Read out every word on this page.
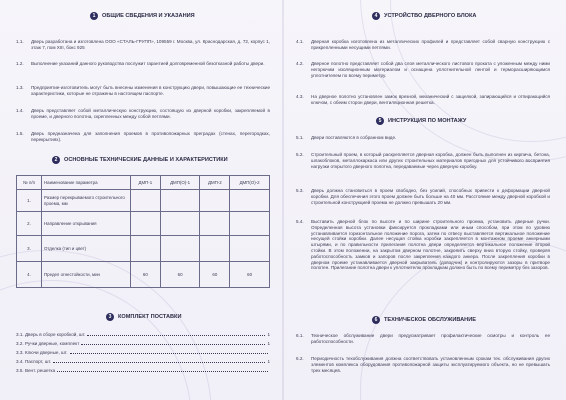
1	ОБЩИЕ СВЕДЕНИЯ И УКАЗАНИЯ
1.1.	Дверь разработана и изготовлена ООО «СТАЛЬ-ГРУПП», 109559 г. Москва, ул. Краснодарская, д. 72, корпус 1, этаж 7, пом XIII, бокс 925
1.2.	Выполнение указаний данного руководства послужит гарантией долговременной безотказной работы двери.
1.3.	Предприятие-изготовитель могут быть внесены изменения в конструкцию двери, повышающие ее технические характеристики, которые не отражены в настоящем паспорте.
1.4.	Дверь представляет собой металлическую конструкцию, состоящую из дверной коробки, закрепляемой в проеме, и дверного полотна, скрепленных между собой петлями.
1.5.	Дверь предназначена для заполнения проемов в противопожарных преградах (стенах, перегородках, перекрытиях).
2	ОСНОВНЫЕ ТЕХНИЧЕСКИЕ ДАННЫЕ И ХАРАКТЕРИСТИКИ
№ п/п	Наименование параметра	ДМП-1	ДМП(О)-1	ДМП-2	ДМП(О)-2
1.	Размер перекрываемого строительного проема, мм				
2.	Направление открывания				
3.	Отделка (тип и цвет)				
4.	Предел огнестойкости, мин	60	60	60	60
3	КОМПЛЕКТ ПОСТАВКИ
3.1. Дверь в сборе коробкой, шт.	1
3.2. Ручки дверные, комплект	1
3.3. Ключи дверные, шт.
3.4. Паспорт, шт.	1
3.5. Вент. решетка
4	УСТРОЙСТВО ДВЕРНОГО БЛОКА
4.1.	Дверная коробка изготовлена из металлических профилей и представляет собой сварную конструкцию с прикрепленными несущими петлями.
4.2.	Дверное полотно представляет собой два слоя металлического листового проката с уложенным между ними негорючим изоляционным материалом и оснащена уплотнительной лентой и терморасширяющимся уплотнителем по всему периметру.
4.3.	На дверное полотно установлен замок врезной, механический с защелкой, запирающийся и отпирающийся ключом, с обеим сторон двери, вентиляционная решетка.
5	ИНСТРУКЦИЯ ПО МОНТАЖУ
5.1.	Двери поставляются в собранном виде.
5.2.	Строительный проем, в который раскрепляется дверная коробка, должен быть выполнен из кирпича, бетона, шлакоблоков, металлокаркаса или других строительных материалов пригодных для устойчивого восприятия нагрузки открытого дверного полотна, передаваемые через дверную коробку.
5.3.	Дверь должна становиться в проем свободно, без усилий, способных привести к деформации дверной коробки. Для обеспечения этого проем должен быть больше на 40 мм. Расстояние между дверной коробкой и строительной конструкцией проема не должно превышать 20 мм.
5.4.	Выставить дверной блок по высоте и по ширине строительного проема, установить дверные ручки. Определенная высота установки фиксируется прокладками или иным способом, при этом по уровню устанавливается горизонтальное положение порога, затем по отвесу выставляется вертикальное положение несущей стойки коробки. Далее несущая стойка коробки закрепляется в монтажном проеме анкерными штырями, и по правильности прилегания полотна двери определяется вертикальное положение второй стойки. В этом положении, на закрытом дверном полотне, закрепить сверху вниз вторую стойку, проверяя работоспособность замков и запоров после закрепления каждого анкера. После закрепления коробки в дверном проеме устанавливается дверной закрыватель (доводчик) и контролируются зазоры в притворе полотен. Прилегание полотна двери к уплотнителю прокладкам должно быть по всему периметру без зазоров.
6	ТЕХНИЧЕСКОЕ ОБСЛУЖИВАНИЕ
6.1.	Техническое обслуживание двери предусматривает профилактические осмотры и контроль ее работоспособности.
6.2.	Периодичность техобслуживания должна соответствовать установленным срокам тех. обслуживания других элементов комплекса оборудования противопожарной защиты эксплуатируемого объекта, но не превышать трех месяцев.
